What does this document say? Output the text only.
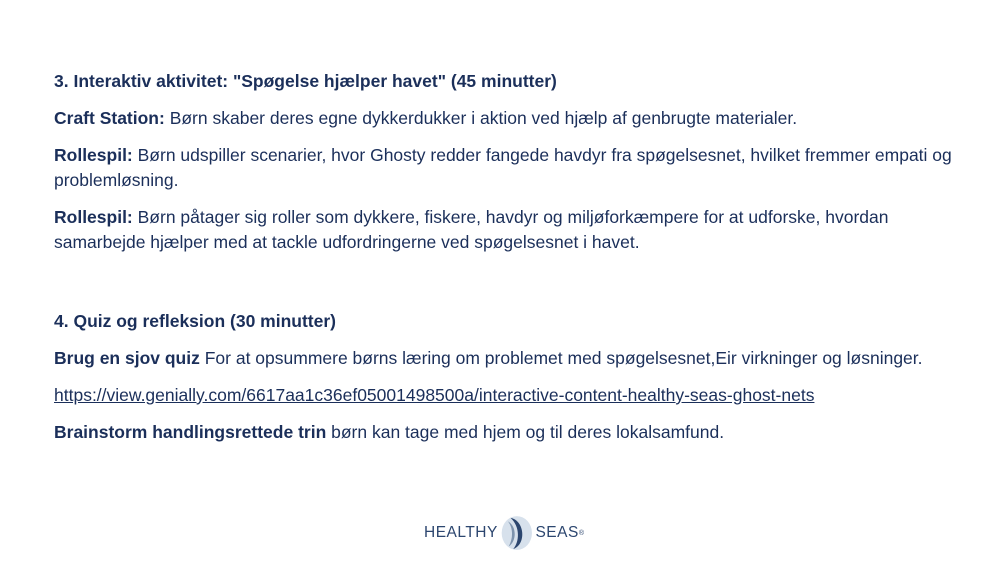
3. Interaktiv aktivitet: "Spøgelse hjælper havet" (45 minutter)

Craft Station: Børn skaber deres egne dykkerdukker i aktion ved hjælp af genbrugte materialer.

Rollespil: Børn udspiller scenarier, hvor Ghosty redder fangede havdyr fra spøgelsesnet, hvilket fremmer empati og problemløsning.

Rollespil: Børn påtager sig roller som dykkere, fiskere, havdyr og miljøforkæmpere for at udforske, hvordan samarbejde hjælper med at tackle udfordringerne ved spøgelsesnet i havet.

4. Quiz og refleksion (30 minutter)

Brug en sjov quiz For at opsummere børns læring om problemet med spøgelsesnet,Eir virkninger og løsninger.

https://view.genially.com/6617aa1c36ef05001498500a/interactive-content-healthy-seas-ghost-nets

Brainstorm handlingsrettede trin børn kan tage med hjem og til deres lokalsamfund.

HEALTHY SEAS ®
